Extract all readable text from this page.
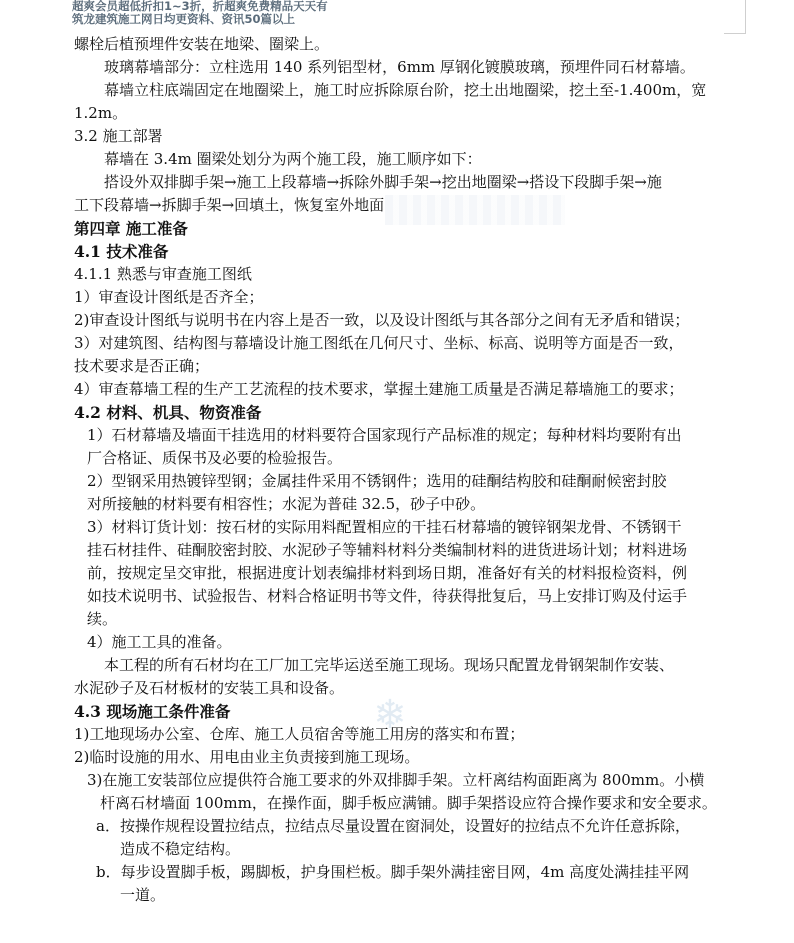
超爽会员超低折扣1~3折，折超爽免费精品天天有
筑龙建筑施工网日均更资料、资讯50篇以上
❄

螺栓后植预埋件安装在地梁、圈梁上。

玻璃幕墙部分：立柱选用 140 系列铝型材，6mm 厚钢化镀膜玻璃，预埋件同石材幕墙。

幕墙立柱底端固定在地圈梁上，施工时应拆除原台阶，挖土出地圈梁，挖土至-1.400m，宽

1.2m。

3.2 施工部署

幕墙在 3.4m 圈梁处划分为两个施工段，施工顺序如下：

搭设外双排脚手架→施工上段幕墙→拆除外脚手架→挖出地圈梁→搭设下段脚手架→施

工下段幕墙→拆脚手架→回填土，恢复室外地面

第四章 施工准备

4.1 技术准备

4.1.1 熟悉与审查施工图纸

1）审查设计图纸是否齐全；

2)审查设计图纸与说明书在内容上是否一致，以及设计图纸与其各部分之间有无矛盾和错误；

3）对建筑图、结构图与幕墙设计施工图纸在几何尺寸、坐标、标高、说明等方面是否一致，

技术要求是否正确；

4）审查幕墙工程的生产工艺流程的技术要求，掌握土建施工质量是否满足幕墙施工的要求；

4.2 材料、机具、物资准备

1）石材幕墙及墙面干挂选用的材料要符合国家现行产品标准的规定；每种材料均要附有出

厂合格证、质保书及必要的检验报告。

2）型钢采用热镀锌型钢；金属挂件采用不锈钢件；选用的硅酮结构胶和硅酮耐候密封胶

对所接触的材料要有相容性；水泥为普硅 32.5，砂子中砂。

3）材料订货计划：按石材的实际用料配置相应的干挂石材幕墙的镀锌钢架龙骨、不锈钢干

挂石材挂件、硅酮胶密封胶、水泥砂子等辅料材料分类编制材料的进货进场计划；材料进场

前，按规定呈交审批，根据进度计划表编排材料到场日期，准备好有关的材料报检资料，例

如技术说明书、试验报告、材料合格证明书等文件，待获得批复后，马上安排订购及付运手

续。

4）施工工具的准备。

本工程的所有石材均在工厂加工完毕运送至施工现场。现场只配置龙骨钢架制作安装、

水泥砂子及石材板材的安装工具和设备。

4.3 现场施工条件准备

1)工地现场办公室、仓库、施工人员宿舍等施工用房的落实和布置；

2)临时设施的用水、用电由业主负责接到施工现场。

3)在施工安装部位应提供符合施工要求的外双排脚手架。立杆离结构面距离为 800mm。小横

杆离石材墙面 100mm，在操作面，脚手板应满铺。脚手架搭设应符合操作要求和安全要求。

a．按操作规程设置拉结点，拉结点尽量设置在窗洞处，设置好的拉结点不允许任意拆除，

造成不稳定结构。

b．每步设置脚手板，踢脚板，护身围栏板。脚手架外满挂密目网，4m 高度处满挂挂平网

一道。
